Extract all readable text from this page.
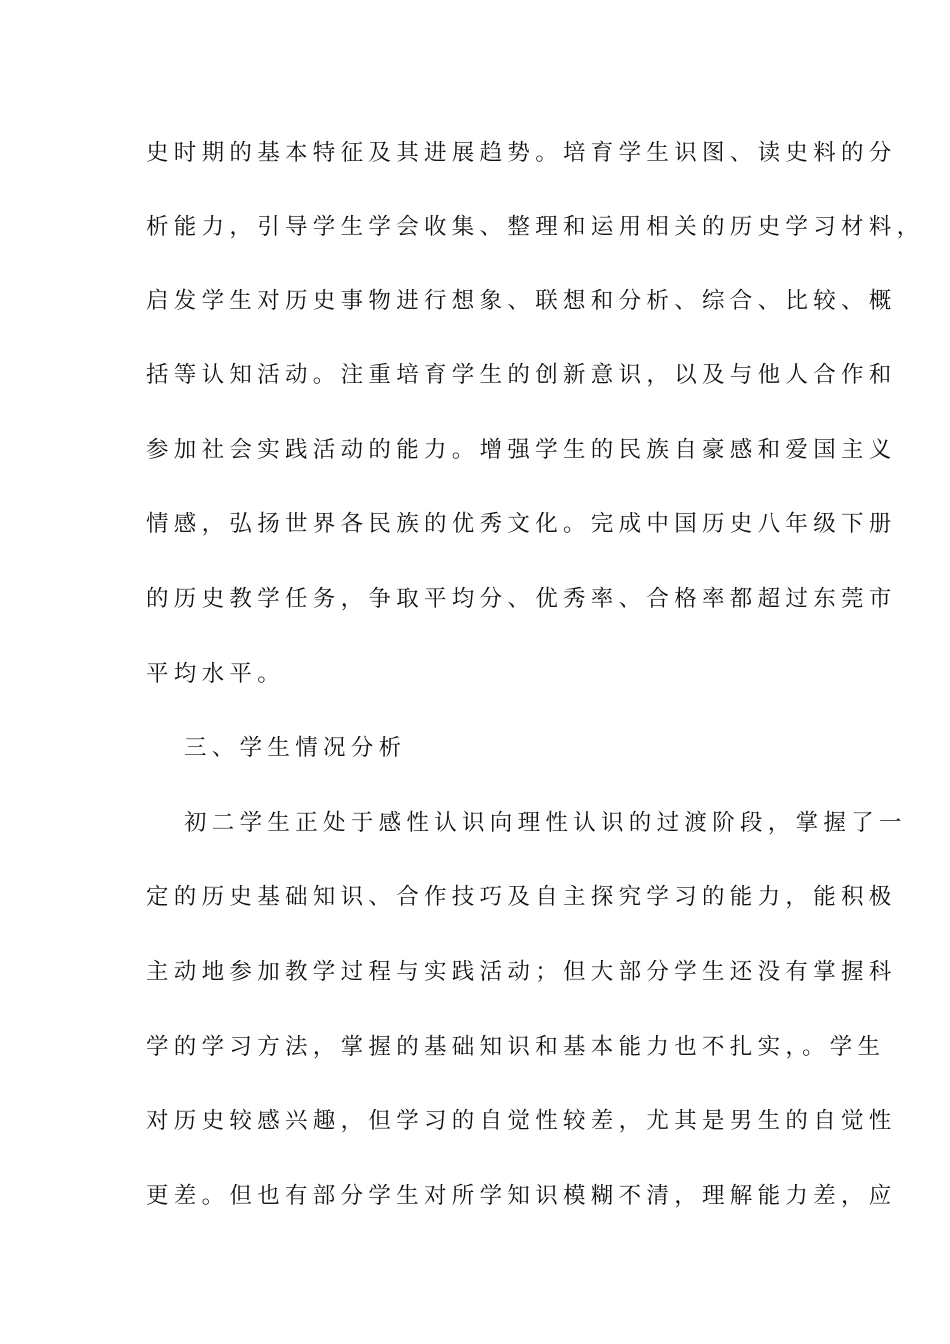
史时期的基本特征及其进展趋势。培育学生识图、读史料的分
析能力，引导学生学会收集、整理和运用相关的历史学习材料，
启发学生对历史事物进行想象、联想和分析、综合、比较、概
括等认知活动。注重培育学生的创新意识，以及与他人合作和
参加社会实践活动的能力。增强学生的民族自豪感和爱国主义
情感，弘扬世界各民族的优秀文化。完成中国历史八年级下册
的历史教学任务，争取平均分、优秀率、合格率都超过东莞市
平均水平。
三、学生情况分析
初二学生正处于感性认识向理性认识的过渡阶段，掌握了一
定的历史基础知识、合作技巧及自主探究学习的能力，能积极
主动地参加教学过程与实践活动；但大部分学生还没有掌握科
学的学习方法，掌握的基础知识和基本能力也不扎实，。学生
对历史较感兴趣，但学习的自觉性较差，尤其是男生的自觉性
更差。但也有部分学生对所学知识模糊不清，理解能力差，应
